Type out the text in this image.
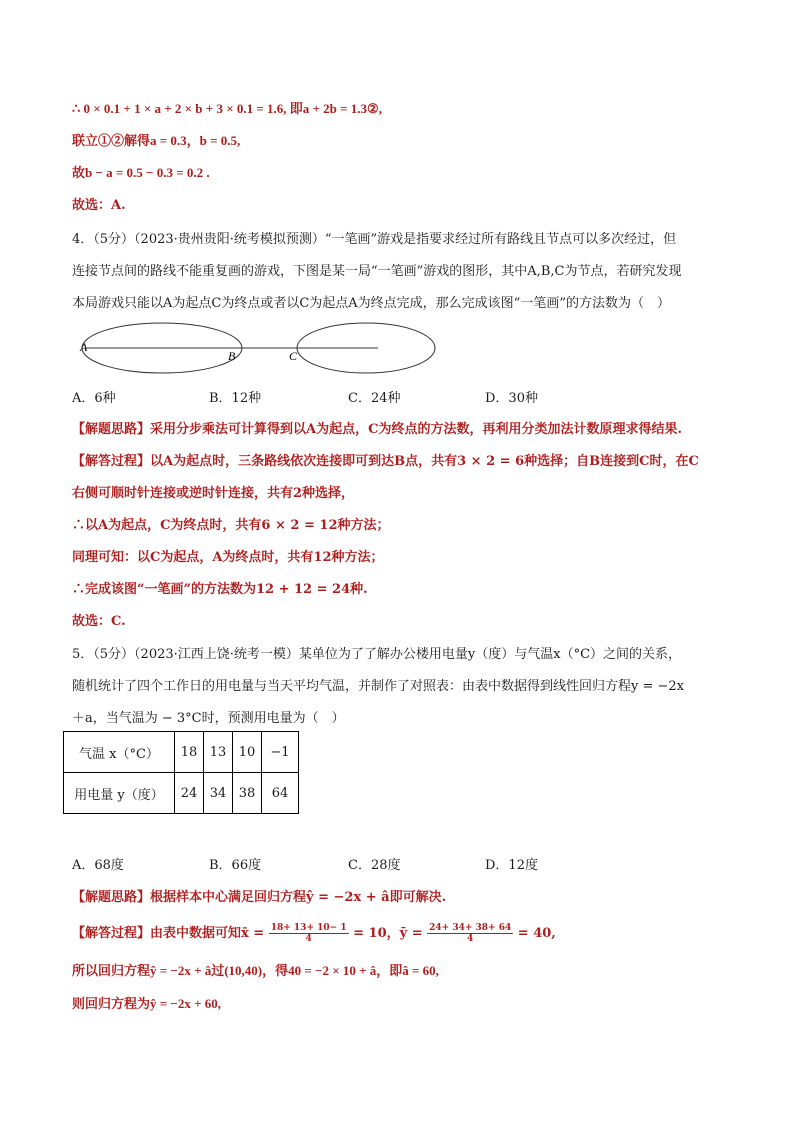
∴ 0 × 0.1 + 1 × a + 2 × b + 3 × 0.1 = 1.6, 即a + 2b = 1.3②,
联立①②解得a = 0.3，b = 0.5,
故b − a = 0.5 − 0.3 = 0.2 .
故选：A.
4．（5分）（2023·贵州贵阳·统考模拟预测）“一笔画”游戏是指要求经过所有路线且节点可以多次经过，但
连接节点间的路线不能重复画的游戏，下图是某一局“一笔画”游戏的图形，其中A,B,C为节点，若研究发现
本局游戏只能以A为起点C为终点或者以C为起点A为终点完成，那么完成该图“一笔画”的方法数为（　）
A
B	C
A．6种	B．12种	C．24种	D．30种
【解题思路】采用分步乘法可计算得到以A为起点，C为终点的方法数，再利用分类加法计数原理求得结果.
【解答过程】以A为起点时，三条路线依次连接即可到达B点，共有3 × 2 = 6种选择；自B连接到C时，在C
右侧可顺时针连接或逆时针连接，共有2种选择，
∴以A为起点，C为终点时，共有6 × 2 = 12种方法；
同理可知：以C为起点，A为终点时，共有12种方法；
∴完成该图“一笔画”的方法数为12 + 12 = 24种.
故选：C.
5．（5分）（2023·江西上饶·统考一模）某单位为了了解办公楼用电量y（度）与气温x（°C）之间的关系，
随机统计了四个工作日的用电量与当天平均气温，并制作了对照表：由表中数据得到线性回归方程y = −2x
＋a，当气温为 − 3°C时，预测用电量为（　）
气温 x（°C）	18	13	10	−1
用电量 y（度）	24	34	38	64
A．68度	B．66度	C．28度	D．12度
【解题思路】根据样本中心满足回归方程ŷ = −2x + â即可解决.
【解答过程】由表中数据可知x̄ = $\frac{18+ 13+ 10- 1}{4} = 10$，ȳ = $\frac{24+ 34+ 38+ 64}{4} = 40$,
所以回归方程ŷ = −2x + â过(10,40)，得40 = −2 × 10 + â，即â = 60,
则回归方程为ŷ = −2x + 60,
